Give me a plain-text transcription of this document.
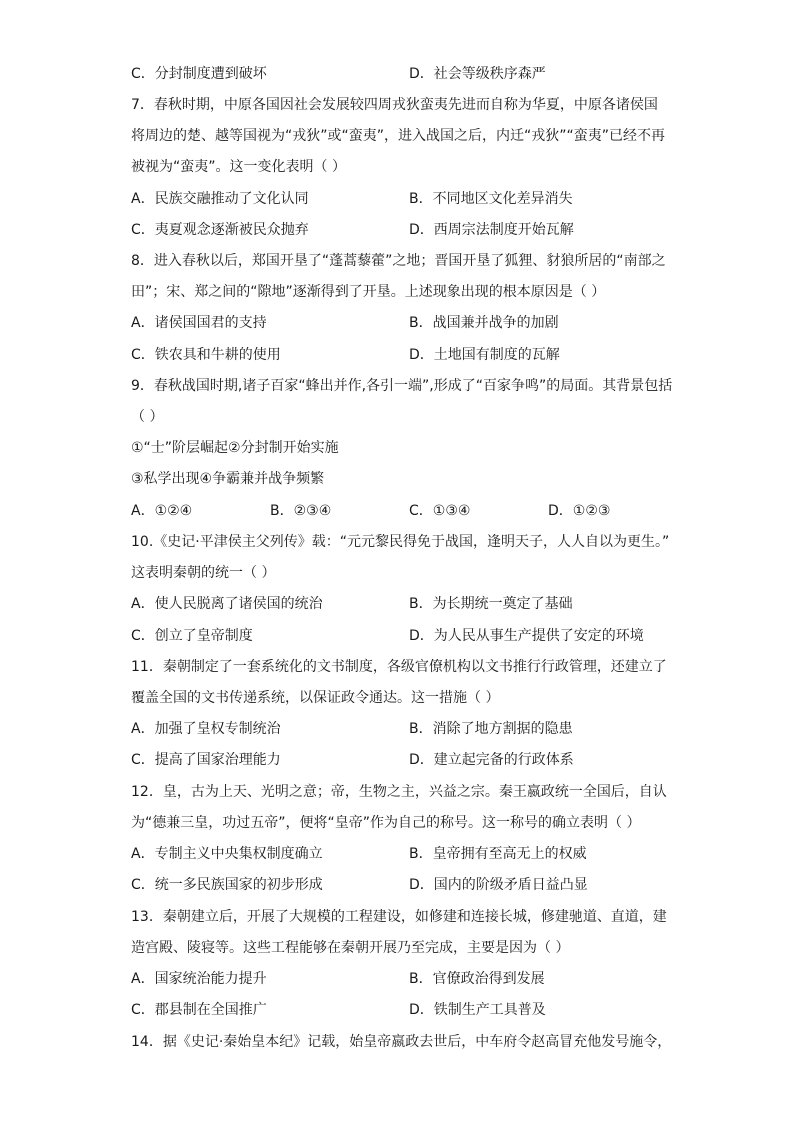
C．分封制度遭到破坏	D．社会等级秩序森严
7．春秋时期，中原各国因社会发展较四周戎狄蛮夷先进而自称为华夏，中原各诸侯国
将周边的楚、越等国视为“戎狄”或“蛮夷”，进入战国之后，内迁“戎狄”“蛮夷”已经不再
被视为“蛮夷”。这一变化表明（ ）
A．民族交融推动了文化认同	B．不同地区文化差异消失
C．夷夏观念逐渐被民众抛弃	D．西周宗法制度开始瓦解
8．进入春秋以后，郑国开垦了“蓬蒿藜藿”之地；晋国开垦了狐狸、豺狼所居的“南部之
田”；宋、郑之间的“隙地”逐渐得到了开垦。上述现象出现的根本原因是（ ）
A．诸侯国国君的支持	B．战国兼并战争的加剧
C．铁农具和牛耕的使用	D．土地国有制度的瓦解
9．春秋战国时期,诸子百家“蜂出并作,各引一端”,形成了“百家争鸣”的局面。其背景包括
（ ）
①“士”阶层崛起②分封制开始实施
③私学出现④争霸兼并战争频繁
A．①②④	B．②③④	C．①③④	D．①②③
10.《史记·平津侯主父列传》载：“元元黎民得免于战国，逢明天子，人人自以为更生。”
这表明秦朝的统一（ ）
A．使人民脱离了诸侯国的统治	B．为长期统一奠定了基础
C．创立了皇帝制度	D．为人民从事生产提供了安定的环境
11．秦朝制定了一套系统化的文书制度，各级官僚机构以文书推行行政管理，还建立了
覆盖全国的文书传递系统，以保证政令通达。这一措施（ ）
A．加强了皇权专制统治	B．消除了地方割据的隐患
C．提高了国家治理能力	D．建立起完备的行政体系
12．皇，古为上天、光明之意；帝，生物之主，兴益之宗。秦王嬴政统一全国后，自认
为“德兼三皇，功过五帝”，便将“皇帝”作为自己的称号。这一称号的确立表明（ ）
A．专制主义中央集权制度确立	B．皇帝拥有至高无上的权威
C．统一多民族国家的初步形成	D．国内的阶级矛盾日益凸显
13．秦朝建立后，开展了大规模的工程建设，如修建和连接长城，修建驰道、直道，建
造宫殿、陵寝等。这些工程能够在秦朝开展乃至完成，主要是因为（ ）
A．国家统治能力提升	B．官僚政治得到发展
C．郡县制在全国推广	D．铁制生产工具普及
14．据《史记·秦始皇本纪》记载，始皇帝嬴政去世后，中车府令赵高冒充他发号施令，
